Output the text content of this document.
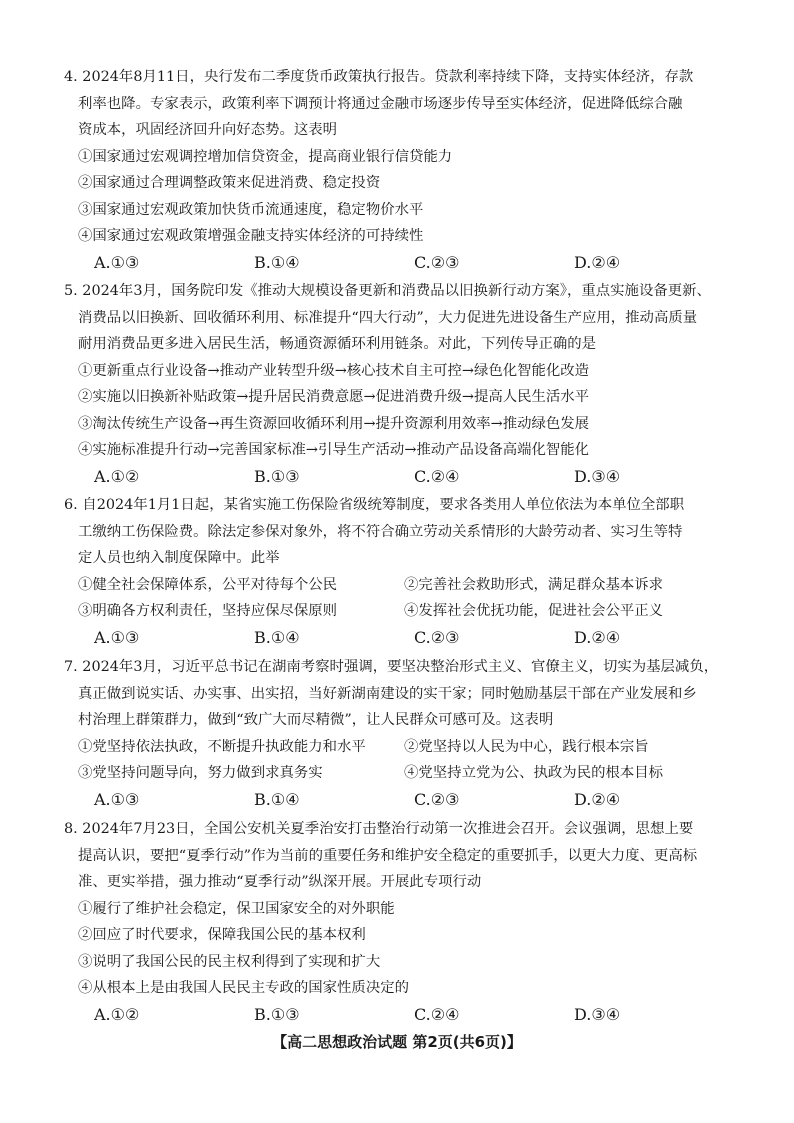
4. 2024年8月11日，央行发布二季度货币政策执行报告。贷款利率持续下降，支持实体经济，存款
利率也降。专家表示，政策利率下调预计将通过金融市场逐步传导至实体经济，促进降低综合融
资成本，巩固经济回升向好态势。这表明
①国家通过宏观调控增加信贷资金，提高商业银行信贷能力
②国家通过合理调整政策来促进消费、稳定投资
③国家通过宏观政策加快货币流通速度，稳定物价水平
④国家通过宏观政策增强金融支持实体经济的可持续性
A.①③	B.①④	C.②③	D.②④
5. 2024年3月，国务院印发《推动大规模设备更新和消费品以旧换新行动方案》，重点实施设备更新、
消费品以旧换新、回收循环利用、标准提升“四大行动”，大力促进先进设备生产应用，推动高质量
耐用消费品更多进入居民生活，畅通资源循环利用链条。对此，下列传导正确的是
①更新重点行业设备→推动产业转型升级→核心技术自主可控→绿色化智能化改造
②实施以旧换新补贴政策→提升居民消费意愿→促进消费升级→提高人民生活水平
③淘汰传统生产设备→再生资源回收循环利用→提升资源利用效率→推动绿色发展
④实施标准提升行动→完善国家标准→引导生产活动→推动产品设备高端化智能化
A.①②	B.①③	C.②④	D.③④
6. 自2024年1月1日起，某省实施工伤保险省级统筹制度，要求各类用人单位依法为本单位全部职
工缴纳工伤保险费。除法定参保对象外，将不符合确立劳动关系情形的大龄劳动者、实习生等特
定人员也纳入制度保障中。此举
①健全社会保障体系，公平对待每个公民	②完善社会救助形式，满足群众基本诉求
③明确各方权利责任，坚持应保尽保原则	④发挥社会优抚功能，促进社会公平正义
A.①③	B.①④	C.②③	D.②④
7. 2024年3月，习近平总书记在湖南考察时强调，要坚决整治形式主义、官僚主义，切实为基层减负，
真正做到说实话、办实事、出实招，当好新湖南建设的实干家；同时勉励基层干部在产业发展和乡
村治理上群策群力，做到“致广大而尽精微”，让人民群众可感可及。这表明
①党坚持依法执政，不断提升执政能力和水平	②党坚持以人民为中心，践行根本宗旨
③党坚持问题导向，努力做到求真务实	④党坚持立党为公、执政为民的根本目标
A.①③	B.①④	C.②③	D.②④
8. 2024年7月23日，全国公安机关夏季治安打击整治行动第一次推进会召开。会议强调，思想上要
提高认识，要把“夏季行动”作为当前的重要任务和维护安全稳定的重要抓手，以更大力度、更高标
准、更实举措，强力推动“夏季行动”纵深开展。开展此专项行动
①履行了维护社会稳定，保卫国家安全的对外职能
②回应了时代要求，保障我国公民的基本权利
③说明了我国公民的民主权利得到了实现和扩大
④从根本上是由我国人民民主专政的国家性质决定的
A.①②	B.①③	C.②④	D.③④
【高二思想政治试题 第2页(共6页)】
